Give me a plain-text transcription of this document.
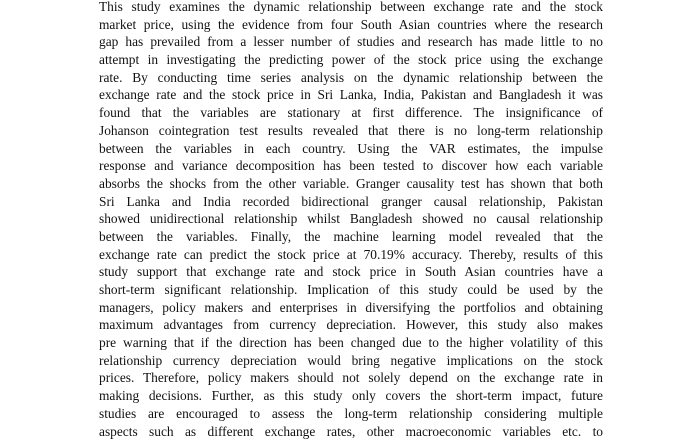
This study examines the dynamic relationship between exchange rate and the stock
market price, using the evidence from four South Asian countries where the research
gap has prevailed from a lesser number of studies and research has made little to no
attempt in investigating the predicting power of the stock price using the exchange
rate. By conducting time series analysis on the dynamic relationship between the
exchange rate and the stock price in Sri Lanka, India, Pakistan and Bangladesh it was
found that the variables are stationary at first difference. The insignificance of
Johanson cointegration test results revealed that there is no long-term relationship
between the variables in each country. Using the VAR estimates, the impulse
response and variance decomposition has been tested to discover how each variable
absorbs the shocks from the other variable. Granger causality test has shown that both
Sri Lanka and India recorded bidirectional granger causal relationship, Pakistan
showed unidirectional relationship whilst Bangladesh showed no causal relationship
between the variables. Finally, the machine learning model revealed that the
exchange rate can predict the stock price at 70.19% accuracy. Thereby, results of this
study support that exchange rate and stock price in South Asian countries have a
short-term significant relationship. Implication of this study could be used by the
managers, policy makers and enterprises in diversifying the portfolios and obtaining
maximum advantages from currency depreciation. However, this study also makes
pre warning that if the direction has been changed due to the higher volatility of this
relationship currency depreciation would bring negative implications on the stock
prices. Therefore, policy makers should not solely depend on the exchange rate in
making decisions. Further, as this study only covers the short-term impact, future
studies are encouraged to assess the long-term relationship considering multiple
aspects such as different exchange rates, other macroeconomic variables etc. to
